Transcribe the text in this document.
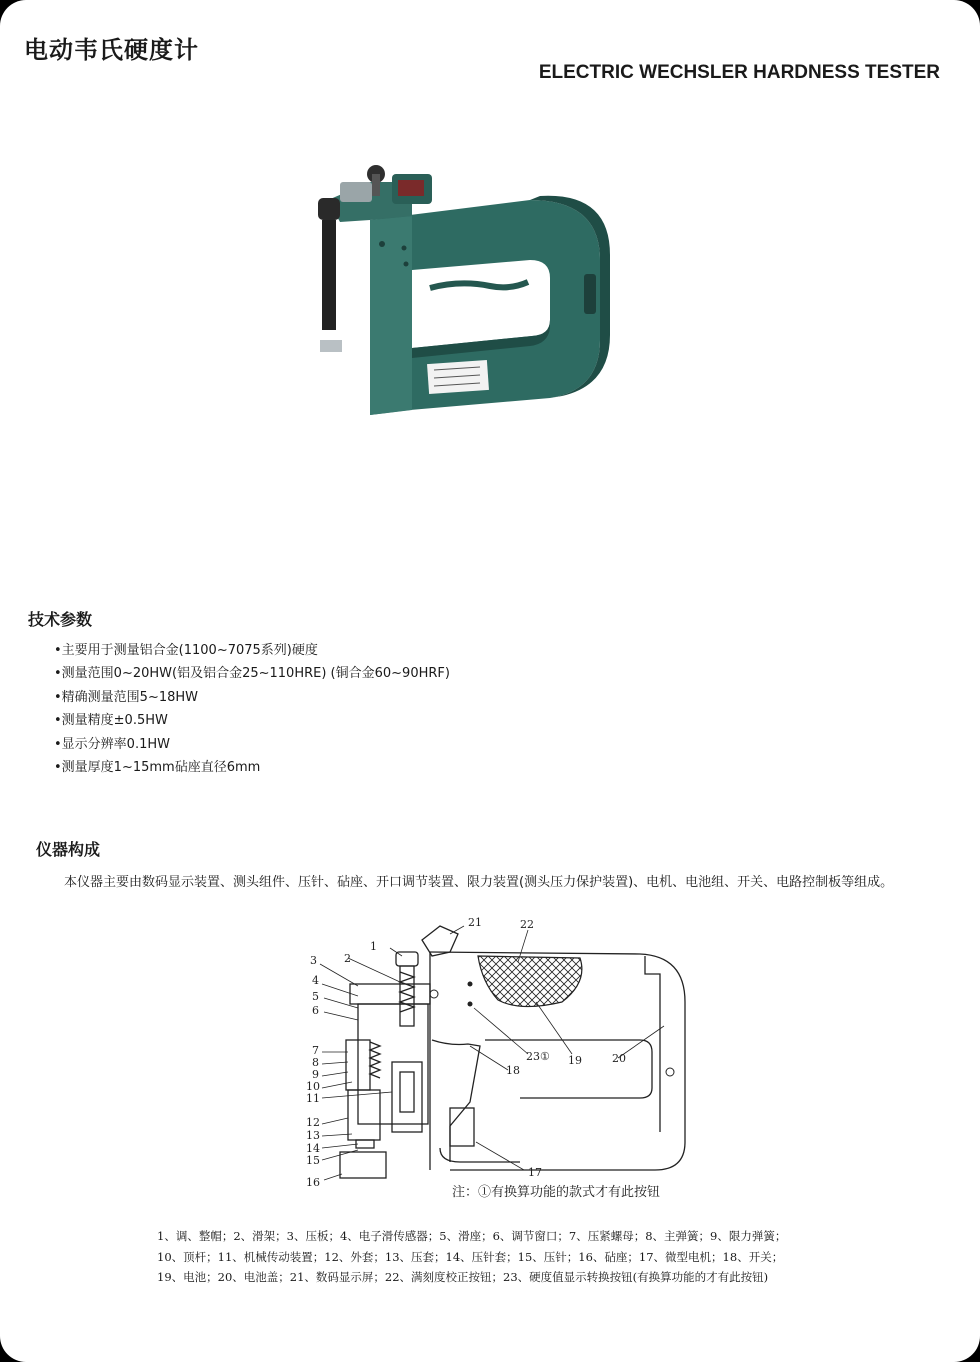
电动韦氏硬度计
ELECTRIC WECHSLER HARDNESS TESTER
技术参数
•主要用于测量铝合金(1100~7075系列)硬度
•测量范围0~20HW(铝及铝合金25~110HRE) (铜合金60~90HRF)
•精确测量范围5~18HW
•测量精度±0.5HW
•显示分辨率0.1HW
•测量厚度1~15mm砧座直径6mm
仪器构成

本仪器主要由数码显示装置、测头组件、压针、砧座、开口调节装置、限力装置(测头压力保护装置)、电机、电池组、开关、电路控制板等组成。

1
2
3
4
5
6
7
8
9
10
11
12
13
14
15
16
17
18
19	20
21	22
23①
注：①有换算功能的款式才有此按钮
1、调、整帽；2、滑架；3、压板；4、电子滑传感器；5、滑座；6、调节窗口；7、压紧螺母；8、主弹簧；9、限力弹簧；
10、顶杆；11、机械传动装置；12、外套；13、压套；14、压针套；15、压针；16、砧座；17、微型电机；18、开关；
19、电池；20、电池盖；21、数码显示屏；22、满刻度校正按钮；23、硬度值显示转换按钮(有换算功能的才有此按钮)
